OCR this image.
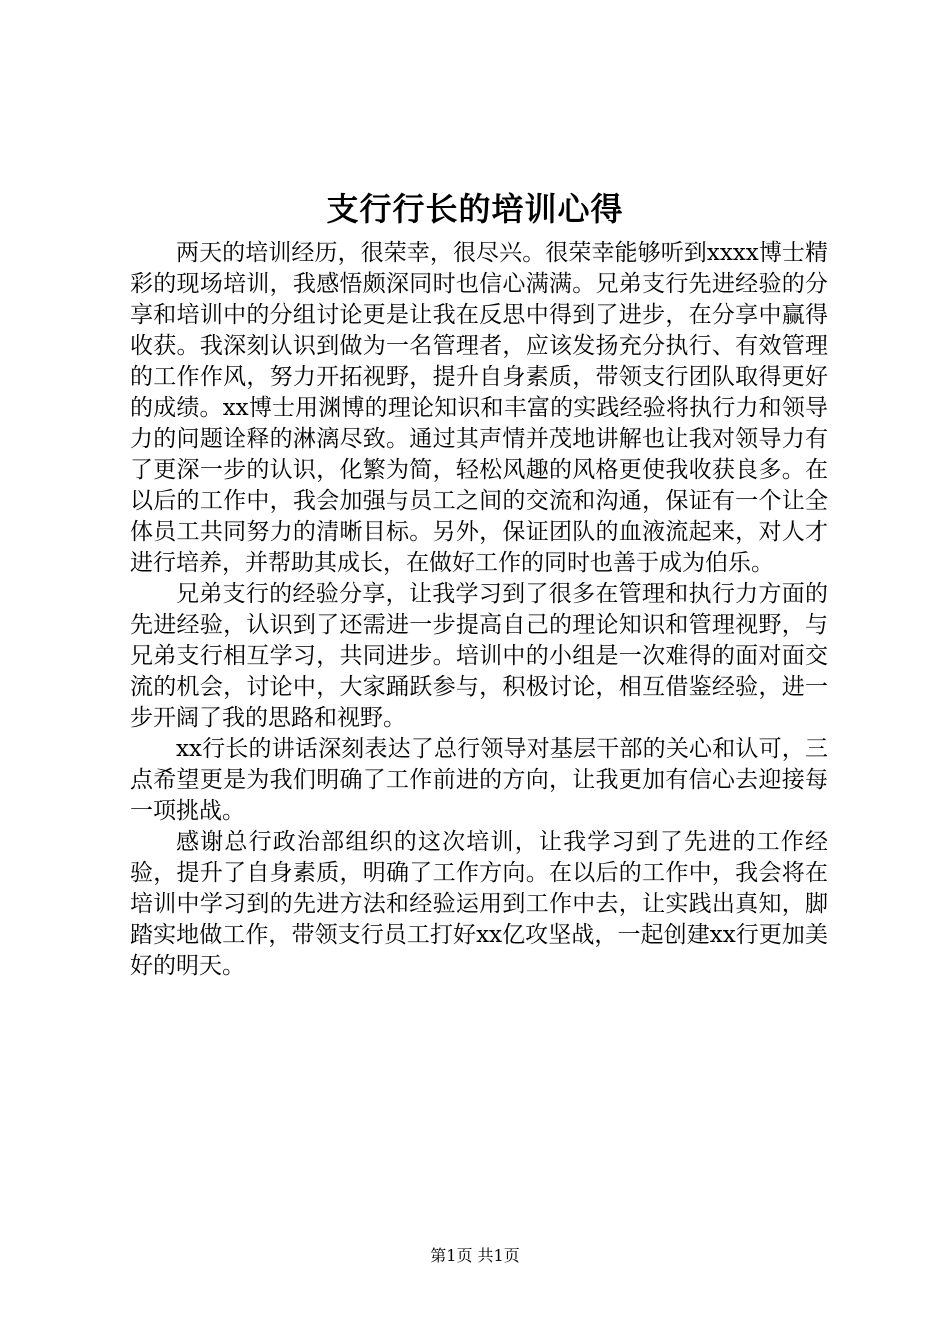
支行行长的培训心得

两天的培训经历，很荣幸，很尽兴。很荣幸能够听到xxxx博士精彩的现场培训，我感悟颇深同时也信心满满。兄弟支行先进经验的分享和培训中的分组讨论更是让我在反思中得到了进步，在分享中赢得收获。我深刻认识到做为一名管理者，应该发扬充分执行、有效管理的工作作风，努力开拓视野，提升自身素质，带领支行团队取得更好的成绩。xx博士用渊博的理论知识和丰富的实践经验将执行力和领导力的问题诠释的淋漓尽致。通过其声情并茂地讲解也让我对领导力有了更深一步的认识，化繁为简，轻松风趣的风格更使我收获良多。在以后的工作中，我会加强与员工之间的交流和沟通，保证有一个让全体员工共同努力的清晰目标。另外，保证团队的血液流起来，对人才进行培养，并帮助其成长，在做好工作的同时也善于成为伯乐。

兄弟支行的经验分享，让我学习到了很多在管理和执行力方面的先进经验，认识到了还需进一步提高自己的理论知识和管理视野，与兄弟支行相互学习，共同进步。培训中的小组是一次难得的面对面交流的机会，讨论中，大家踊跃参与，积极讨论，相互借鉴经验，进一步开阔了我的思路和视野。

xx行长的讲话深刻表达了总行领导对基层干部的关心和认可，三点希望更是为我们明确了工作前进的方向，让我更加有信心去迎接每一项挑战。

感谢总行政治部组织的这次培训，让我学习到了先进的工作经验，提升了自身素质，明确了工作方向。在以后的工作中，我会将在培训中学习到的先进方法和经验运用到工作中去，让实践出真知，脚踏实地做工作，带领支行员工打好xx亿攻坚战，一起创建xx行更加美好的明天。

第1页 共1页
